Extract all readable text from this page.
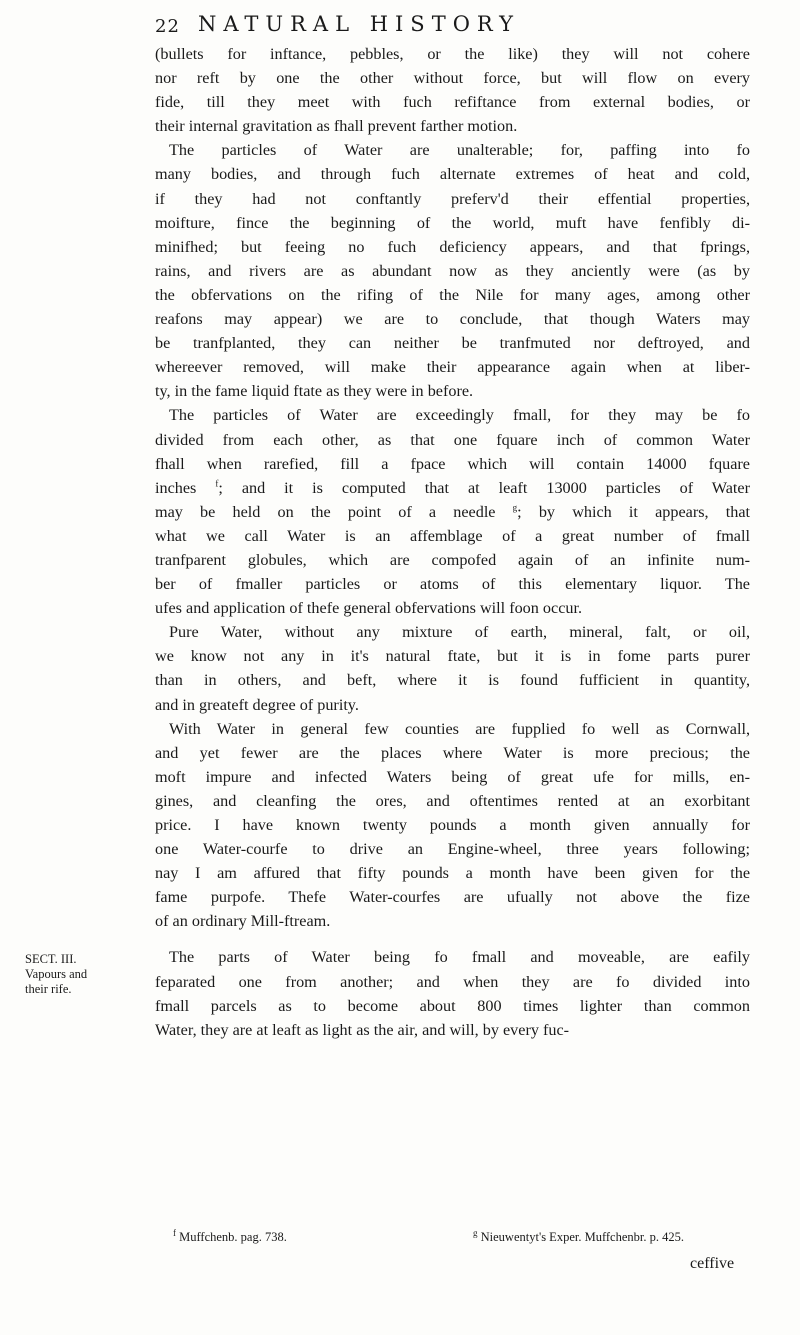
22 NATURAL HISTORY
(bullets for inftance, pebbles, or the like) they will not cohere
nor reft by one the other without force, but will flow on every
fide, till they meet with fuch refiftance from external bodies, or
their internal gravitation as fhall prevent farther motion.
The particles of Water are unalterable; for, paffing into fo
many bodies, and through fuch alternate extremes of heat and cold,
if they had not conftantly preferv'd their effential properties,
moifture, fince the beginning of the world, muft have fenfibly di-
minifhed; but feeing no fuch deficiency appears, and that fprings,
rains, and rivers are as abundant now as they anciently were (as by
the obfervations on the rifing of the Nile for many ages, among other
reafons may appear) we are to conclude, that though Waters may
be tranfplanted, they can neither be tranfmuted nor deftroyed, and
whereever removed, will make their appearance again when at liber-
ty, in the fame liquid ftate as they were in before.
The particles of Water are exceedingly fmall, for they may be fo
divided from each other, as that one fquare inch of common Water
fhall when rarefied, fill a fpace which will contain 14000 fquare
inches $^f$; and it is computed that at leaft 13000 particles of Water
may be held on the point of a needle $^g$; by which it appears, that
what we call Water is an affemblage of a great number of fmall
tranfparent globules, which are compofed again of an infinite num-
ber of fmaller particles or atoms of this elementary liquor. The
ufes and application of thefe general obfervations will foon occur.
Pure Water, without any mixture of earth, mineral, falt, or oil,
we know not any in it's natural ftate, but it is in fome parts purer
than in others, and beft, where it is found fufficient in quantity,
and in greateft degree of purity.
With Water in general few counties are fupplied fo well as Cornwall,
and yet fewer are the places where Water is more precious; the
moft impure and infected Waters being of great ufe for mills, en-
gines, and cleanfing the ores, and oftentimes rented at an exorbitant
price. I have known twenty pounds a month given annually for
one Water-courfe to drive an Engine-wheel, three years following;
nay I am affured that fifty pounds a month have been given for the
fame purpofe. Thefe Water-courfes are ufually not above the fize
of an ordinary Mill-ftream.
The parts of Water being fo fmall and moveable, are eafily
feparated one from another; and when they are fo divided into
fmall parcels as to become about 800 times lighter than common
Water, they are at leaft as light as the air, and will, by every fuc-
SECT. III.
Vapours and
their rife.
$^f$ Muffchenb. pag. 738.	$^g$ Nieuwentyt's Exper. Muffchenbr. p. 425.
ceffive
